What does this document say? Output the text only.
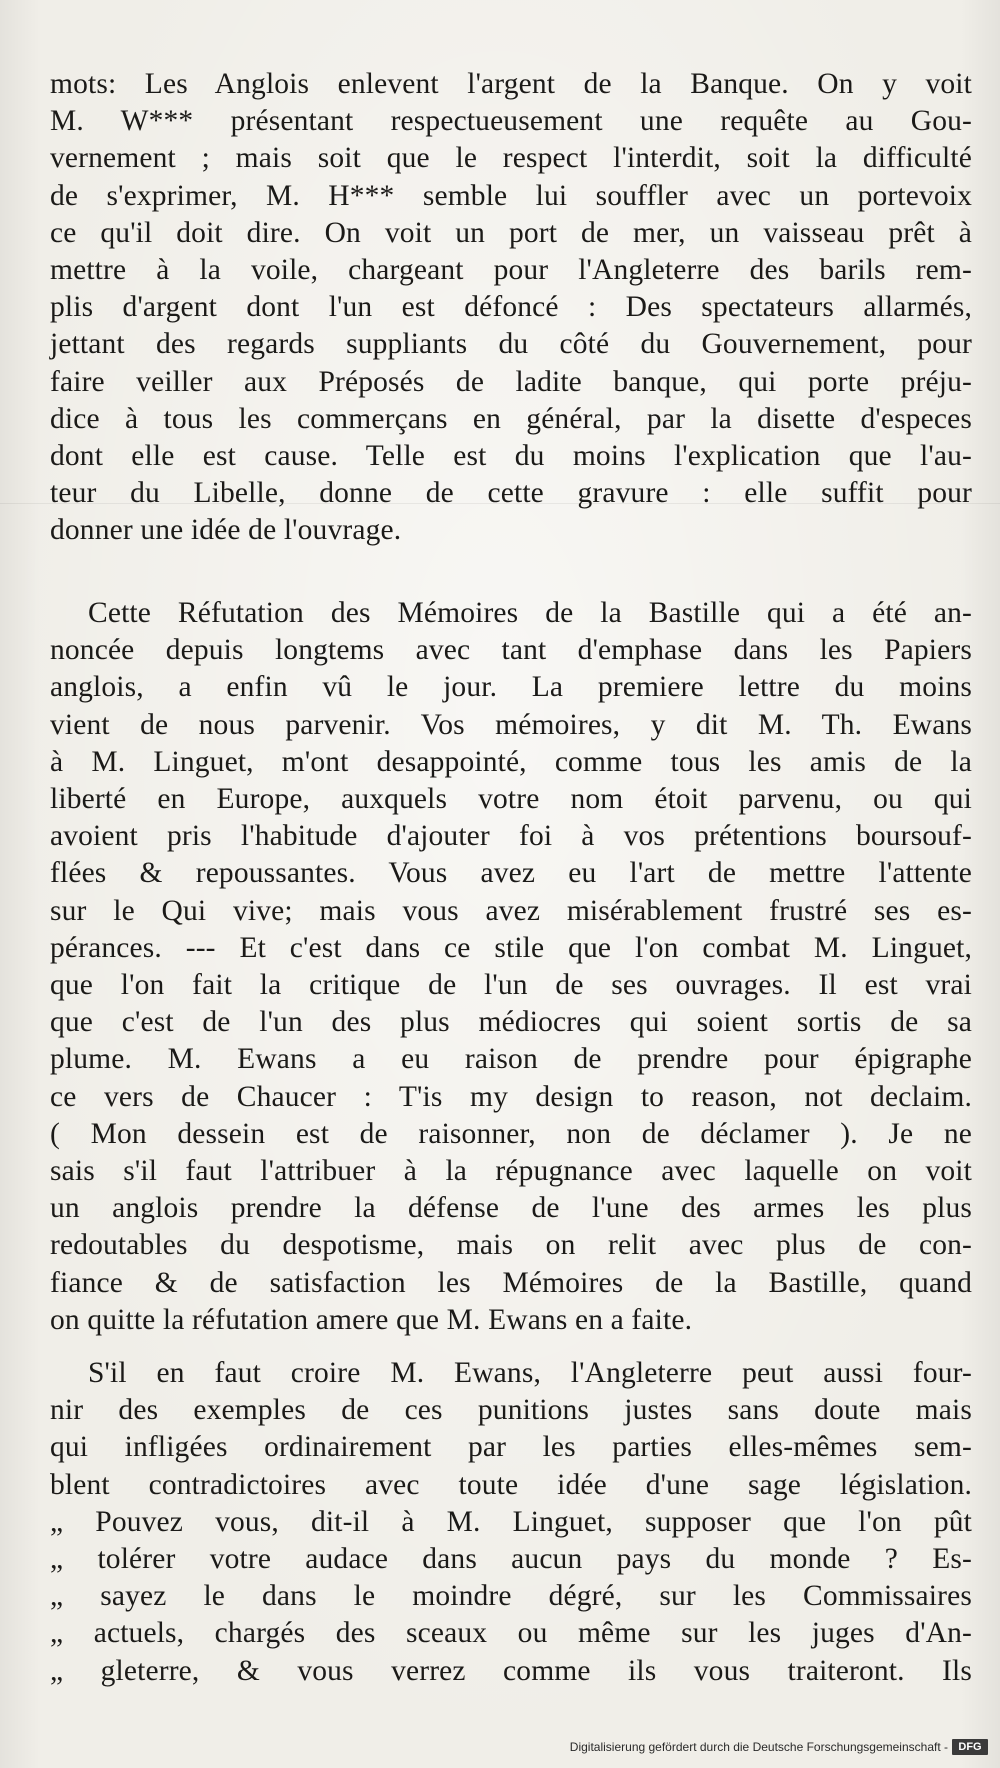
mots: Les Anglois enlevent l'argent de la Banque. On y voit

M. W*** présentant respectueusement une requête au Gou-

vernement ; mais soit que le respect l'interdit, soit la difficulté

de s'exprimer, M. H*** semble lui souffler avec un portevoix

ce qu'il doit dire. On voit un port de mer, un vaisseau prêt à

mettre à la voile, chargeant pour l'Angleterre des barils rem-

plis d'argent dont l'un est défoncé : Des spectateurs allarmés,

jettant des regards suppliants du côté du Gouvernement, pour

faire veiller aux Préposés de ladite banque, qui porte préju-

dice à tous les commerçans en général, par la disette d'especes

dont elle est cause. Telle est du moins l'explication que l'au-

teur du Libelle, donne de cette gravure : elle suffit pour

donner une idée de l'ouvrage.

Cette Réfutation des Mémoires de la Bastille qui a été an-

noncée depuis longtems avec tant d'emphase dans les Papiers

anglois, a enfin vû le jour. La premiere lettre du moins

vient de nous parvenir. Vos mémoires, y dit M. Th. Ewans

à M. Linguet, m'ont desappointé, comme tous les amis de la

liberté en Europe, auxquels votre nom étoit parvenu, ou qui

avoient pris l'habitude d'ajouter foi à vos prétentions boursouf-

flées & repoussantes. Vous avez eu l'art de mettre l'attente

sur le Qui vive; mais vous avez misérablement frustré ses es-

pérances. --- Et c'est dans ce stile que l'on combat M. Linguet,

que l'on fait la critique de l'un de ses ouvrages. Il est vrai

que c'est de l'un des plus médiocres qui soient sortis de sa

plume. M. Ewans a eu raison de prendre pour épigraphe

ce vers de Chaucer : T'is my design to reason, not declaim.

( Mon dessein est de raisonner, non de déclamer ). Je ne

sais s'il faut l'attribuer à la répugnance avec laquelle on voit

un anglois prendre la défense de l'une des armes les plus

redoutables du despotisme, mais on relit avec plus de con-

fiance & de satisfaction les Mémoires de la Bastille, quand

on quitte la réfutation amere que M. Ewans en a faite.

S'il en faut croire M. Ewans, l'Angleterre peut aussi four-

nir des exemples de ces punitions justes sans doute mais

qui infligées ordinairement par les parties elles-mêmes sem-

blent contradictoires avec toute idée d'une sage législation.

„ Pouvez vous, dit-il à M. Linguet, supposer que l'on pût

„ tolérer votre audace dans aucun pays du monde ? Es-

„ sayez le dans le moindre dégré, sur les Commissaires

„ actuels, chargés des sceaux ou même sur les juges d'An-

„ gleterre, & vous verrez comme ils vous traiteront. Ils

Digitalisierung gefördert durch die Deutsche Forschungsgemeinschaft - DFG
